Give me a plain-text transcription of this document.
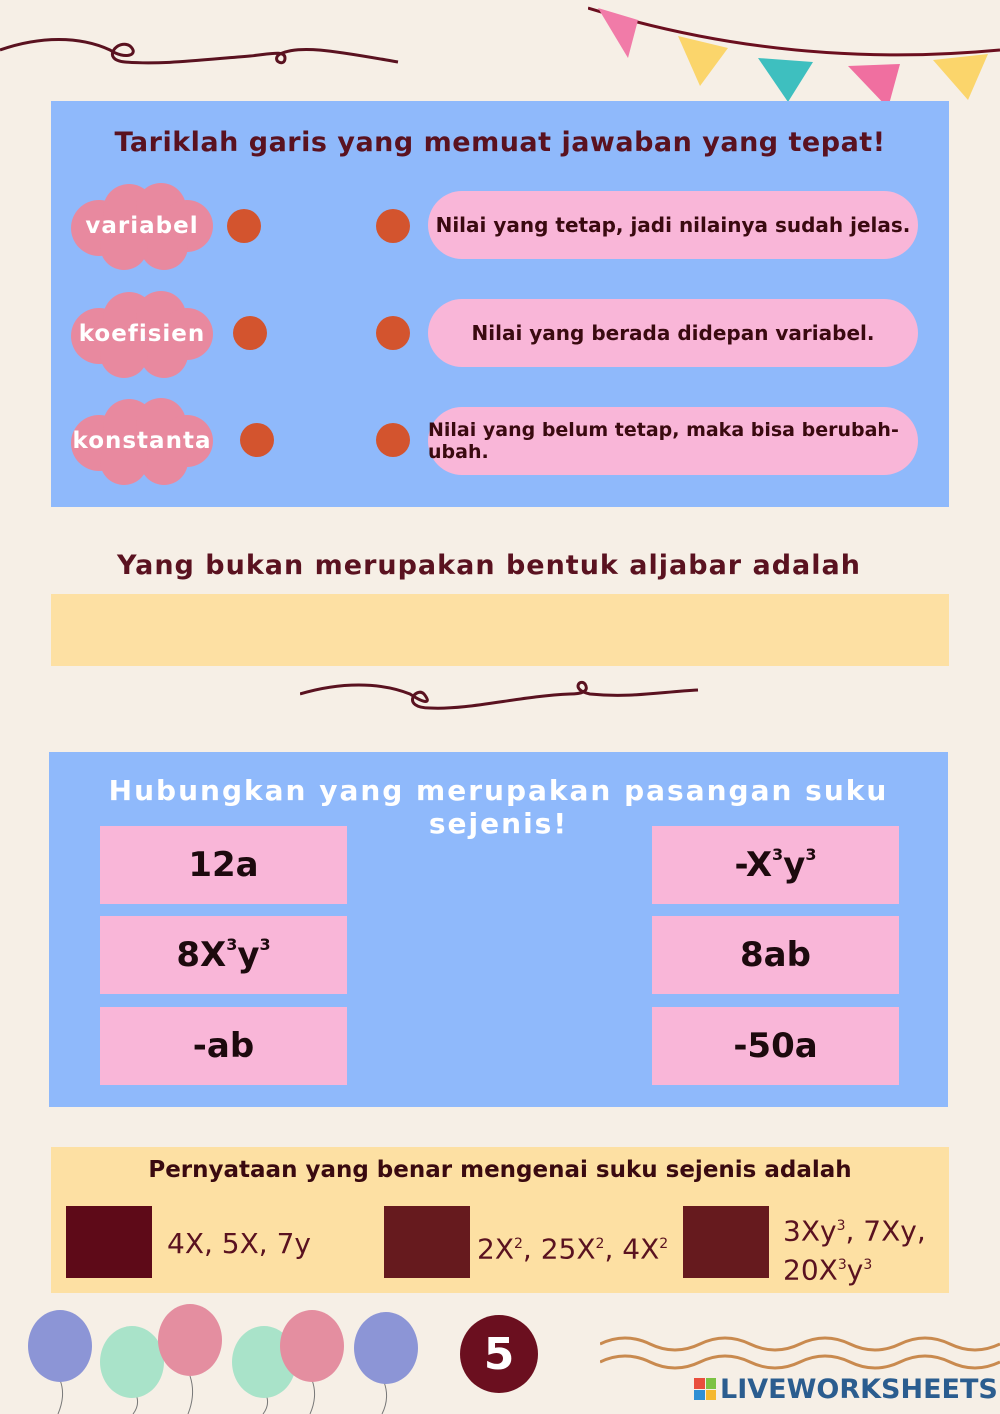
Tariklah garis yang memuat jawaban yang tepat!
variabel
koefisien
konstanta
Nilai yang tetap, jadi nilainya sudah jelas.
Nilai yang berada didepan variabel.
Nilai yang belum tetap, maka bisa berubah-ubah.
Yang bukan merupakan bentuk aljabar adalah
Hubungkan yang merupakan pasangan suku sejenis!
12a
$8X^3y^3$
-ab
$-X^3y^3$
8ab
-50a
Pernyataan yang benar mengenai suku sejenis adalah
4X, 5X, 7y	$2X^2$, $25X^2$, $4X^2$	3Xy$^3$, 7Xy,
$20X^3y^3$
5
LIVEWORKSHEETS
